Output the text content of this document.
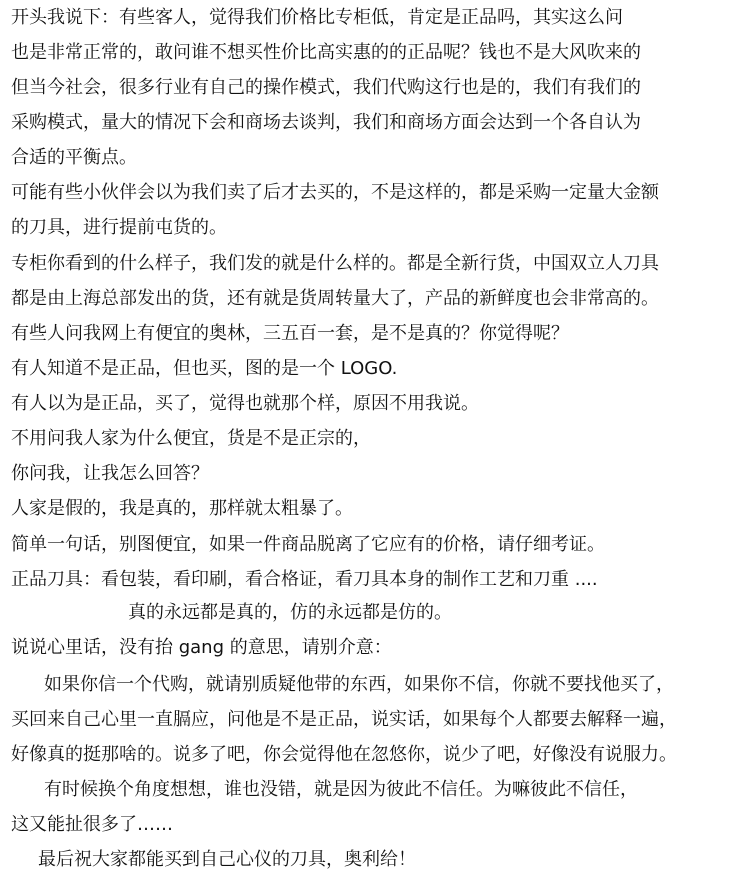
开头我说下：有些客人，觉得我们价格比专柜低，肯定是正品吗，其实这么问
也是非常正常的，敢问谁不想买性价比高实惠的的正品呢？钱也不是大风吹来的
但当今社会，很多行业有自己的操作模式，我们代购这行也是的，我们有我们的
采购模式，量大的情况下会和商场去谈判，我们和商场方面会达到一个各自认为
合适的平衡点。
可能有些小伙伴会以为我们卖了后才去买的，不是这样的，都是采购一定量大金额
的刀具，进行提前屯货的。
专柜你看到的什么样子，我们发的就是什么样的。都是全新行货，中国双立人刀具
都是由上海总部发出的货，还有就是货周转量大了，产品的新鲜度也会非常高的。
有些人问我网上有便宜的奥林，三五百一套，是不是真的？你觉得呢？
有人知道不是正品，但也买，图的是一个 LOGO.
有人以为是正品，买了，觉得也就那个样，原因不用我说。
不用问我人家为什么便宜，货是不是正宗的，
你问我，让我怎么回答？
人家是假的，我是真的，那样就太粗暴了。
简单一句话，别图便宜，如果一件商品脱离了它应有的价格，请仔细考证。
正品刀具：看包装，看印刷，看合格证，看刀具本身的制作工艺和刀重 ....
真的永远都是真的，仿的永远都是仿的。
说说心里话，没有抬 gang 的意思，请别介意：
如果你信一个代购，就请别质疑他带的东西，如果你不信，你就不要找他买了，
买回来自己心里一直膈应，问他是不是正品，说实话，如果每个人都要去解释一遍，
好像真的挺那啥的。说多了吧，你会觉得他在忽悠你，说少了吧，好像没有说服力。
有时候换个角度想想，谁也没错，就是因为彼此不信任。为嘛彼此不信任，
这又能扯很多了……
最后祝大家都能买到自己心仪的刀具，奥利给！
